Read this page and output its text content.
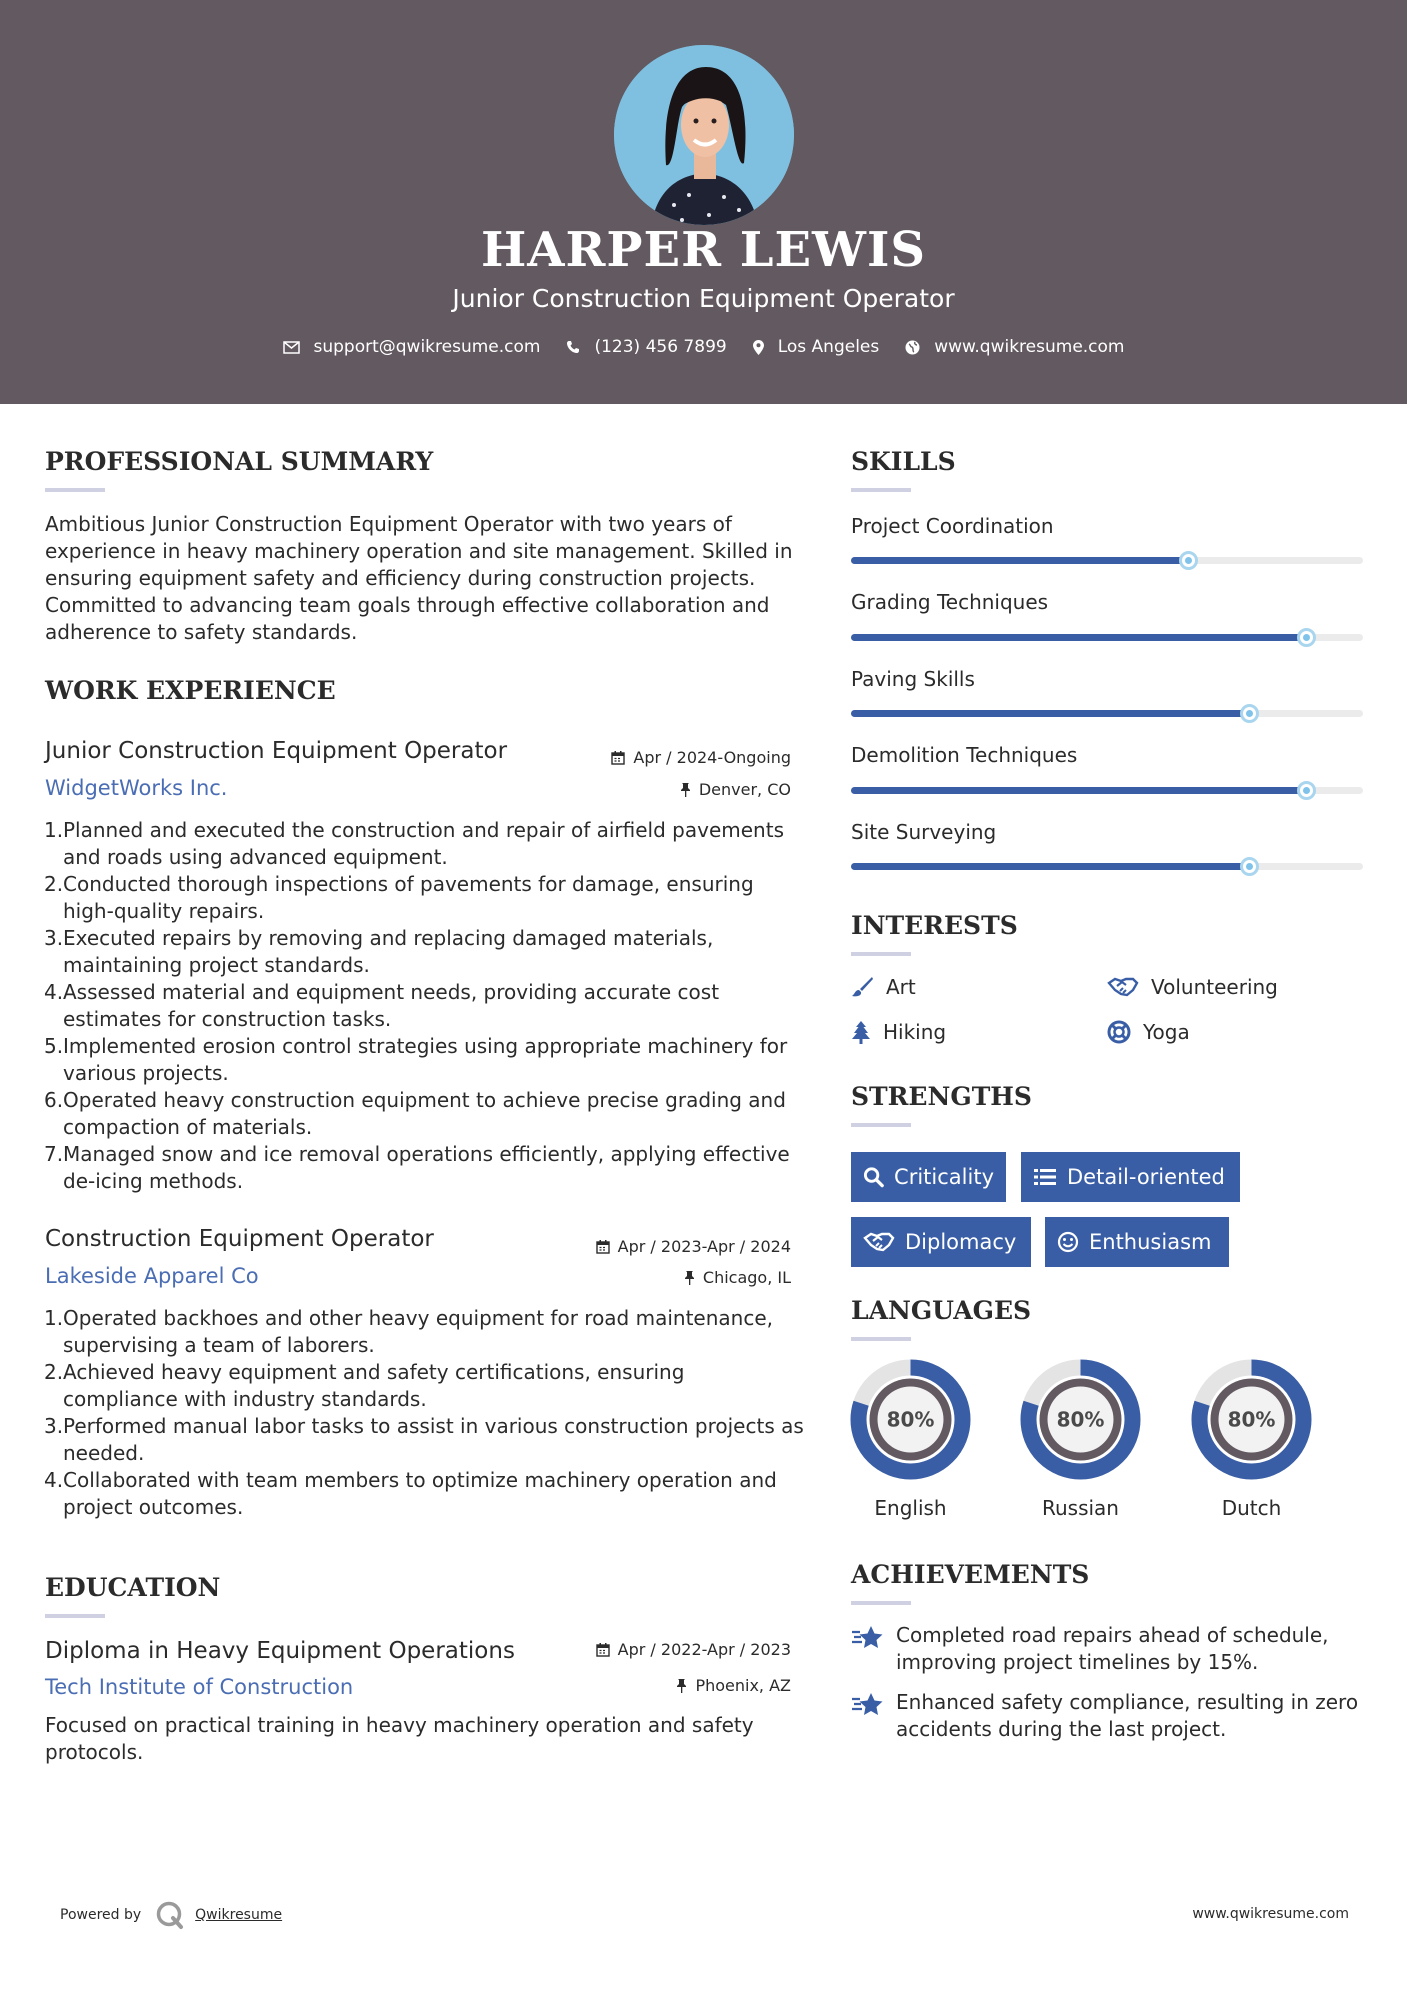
HARPER LEWIS
Junior Construction Equipment Operator
support@qwikresume.com	(123) 456 7899	Los Angeles	www.qwikresume.com
PROFESSIONAL SUMMARY
Ambitious Junior Construction Equipment Operator with two years of experience in heavy machinery operation and site management. Skilled in ensuring equipment safety and efficiency during construction projects. Committed to advancing team goals through effective collaboration and adherence to safety standards.
WORK EXPERIENCE
Junior Construction Equipment Operator	Apr / 2024-Ongoing
WidgetWorks Inc.	Denver, CO
1 . Planned and executed the construction and repair of airfield pavements and roads using advanced equipment.
2 . Conducted thorough inspections of pavements for damage, ensuring high-quality repairs.
3 . Executed repairs by removing and replacing damaged materials, maintaining project standards.
4 . Assessed material and equipment needs, providing accurate cost estimates for construction tasks.
5 . Implemented erosion control strategies using appropriate machinery for various projects.
6 . Operated heavy construction equipment to achieve precise grading and compaction of materials.
7 . Managed snow and ice removal operations efficiently, applying effective de-icing methods.
Construction Equipment Operator	Apr / 2023-Apr / 2024
Lakeside Apparel Co	Chicago, IL
1 . Operated backhoes and other heavy equipment for road maintenance, supervising a team of laborers.
2 . Achieved heavy equipment and safety certifications, ensuring compliance with industry standards.
3 . Performed manual labor tasks to assist in various construction projects as needed.
4 . Collaborated with team members to optimize machinery operation and project outcomes.
EDUCATION
Diploma in Heavy Equipment Operations	Apr / 2022-Apr / 2023
Tech Institute of Construction	Phoenix, AZ
Focused on practical training in heavy machinery operation and safety protocols.
SKILLS
Project Coordination
Grading Techniques
Paving Skills
Demolition Techniques
Site Surveying
INTERESTS
Art	Volunteering
Hiking	Yoga
STRENGTHS
Criticality	Detail-oriented
Diplomacy	Enthusiasm
LANGUAGES
80%
English
80%
Russian
80%
Dutch
ACHIEVEMENTS
Completed road repairs ahead of schedule, improving project timelines by 15%.
Enhanced safety compliance, resulting in zero accidents during the last project.
Powered by	Qwikresume	www.qwikresume.com
